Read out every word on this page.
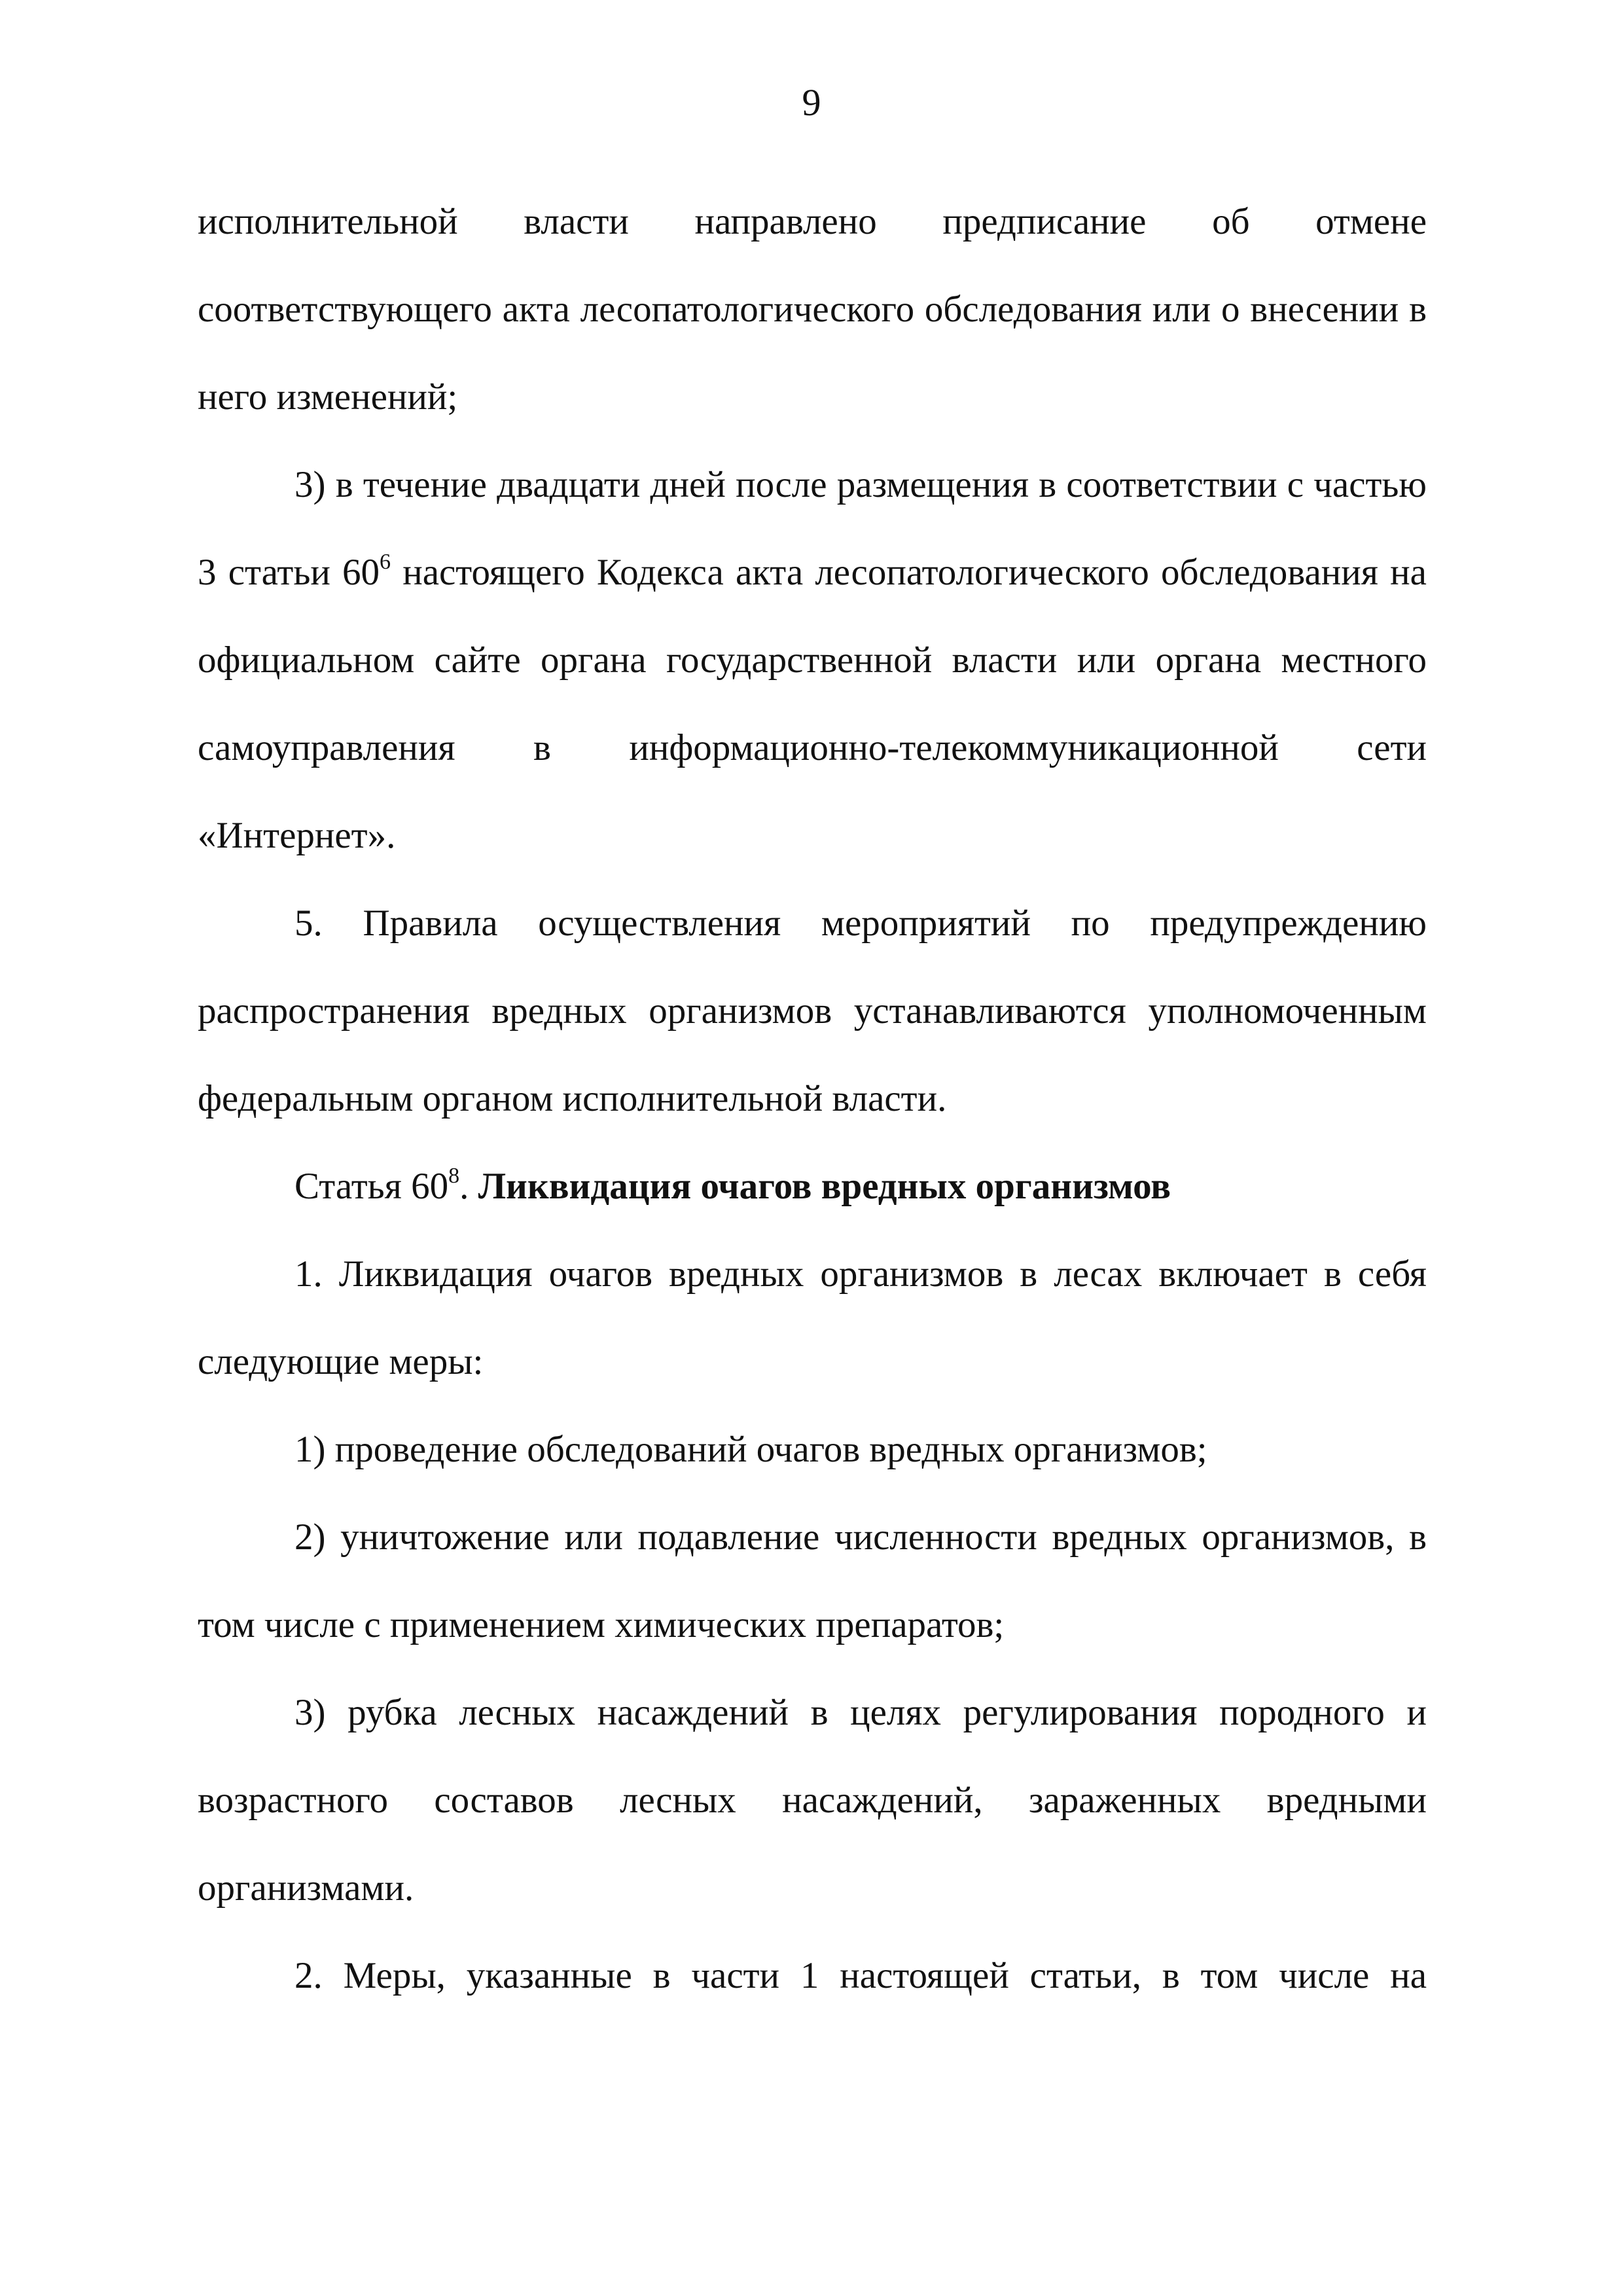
9

исполнительной власти направлено предписание об отмене соответствующего акта лесопатологического обследования или о внесении в него изменений;

3) в течение двадцати дней после размещения в соответствии с частью 3 статьи $60^6$ настоящего Кодекса акта лесопатологического обследования на официальном сайте органа государственной власти или органа местного самоуправления в информационно-телекоммуникационной сети «Интернет».

5. Правила осуществления мероприятий по предупреждению распространения вредных организмов устанавливаются уполномоченным федеральным органом исполнительной власти.

Статья $60^8$. Ликвидация очагов вредных организмов

1. Ликвидация очагов вредных организмов в лесах включает в себя следующие меры:

1) проведение обследований очагов вредных организмов;

2) уничтожение или подавление численности вредных организмов, в том числе с применением химических препаратов;

3) рубка лесных насаждений в целях регулирования породного и возрастного составов лесных насаждений, зараженных вредными организмами.

2. Меры, указанные в части 1 настоящей статьи, в том числе на
